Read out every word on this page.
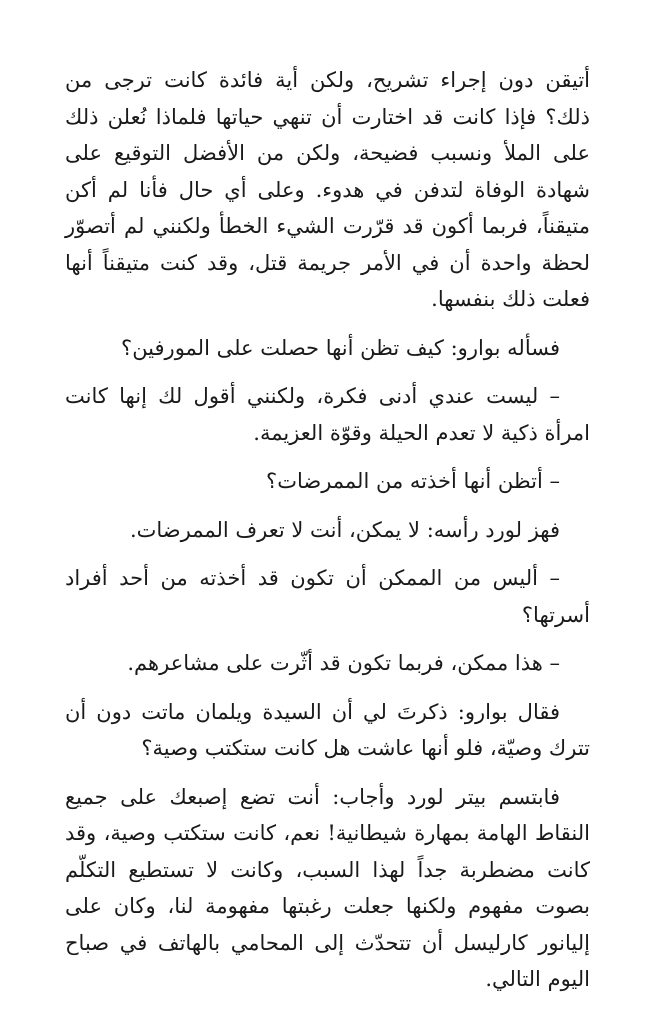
أتيقن دون إجراء تشريح، ولكن أية فائدة كانت ترجى من ذلك؟ فإذا كانت قد اختارت أن تنهي حياتها فلماذا نُعلن ذلك على الملأ ونسبب فضيحة، ولكن من الأفضل التوقيع على شهادة الوفاة لتدفن في هدوء. وعلى أي حال فأنا لم أكن متيقناً، فربما أكون قد قرّرت الشيء الخطأ ولكنني لم أتصوّر لحظة واحدة أن في الأمر جريمة قتل، وقد كنت متيقناً أنها فعلت ذلك بنفسها.

فسأله بوارو: كيف تظن أنها حصلت على المورفين؟

– ليست عندي أدنى فكرة، ولكنني أقول لك إنها كانت امرأة ذكية لا تعدم الحيلة وقوّة العزيمة.

– أتظن أنها أخذته من الممرضات؟

فهز لورد رأسه: لا يمكن، أنت لا تعرف الممرضات.

– أليس من الممكن أن تكون قد أخذته من أحد أفراد أسرتها؟

– هذا ممكن، فربما تكون قد أثّرت على مشاعرهم.

فقال بوارو: ذكرتَ لي أن السيدة ويلمان ماتت دون أن تترك وصيّة، فلو أنها عاشت هل كانت ستكتب وصية؟

فابتسم بيتر لورد وأجاب: أنت تضع إصبعك على جميع النقاط الهامة بمهارة شيطانية! نعم، كانت ستكتب وصية، وقد كانت مضطربة جداً لهذا السبب، وكانت لا تستطيع التكلّم بصوت مفهوم ولكنها جعلت رغبتها مفهومة لنا، وكان على إليانور كارليسل أن تتحدّث إلى المحامي بالهاتف في صباح اليوم التالي.
